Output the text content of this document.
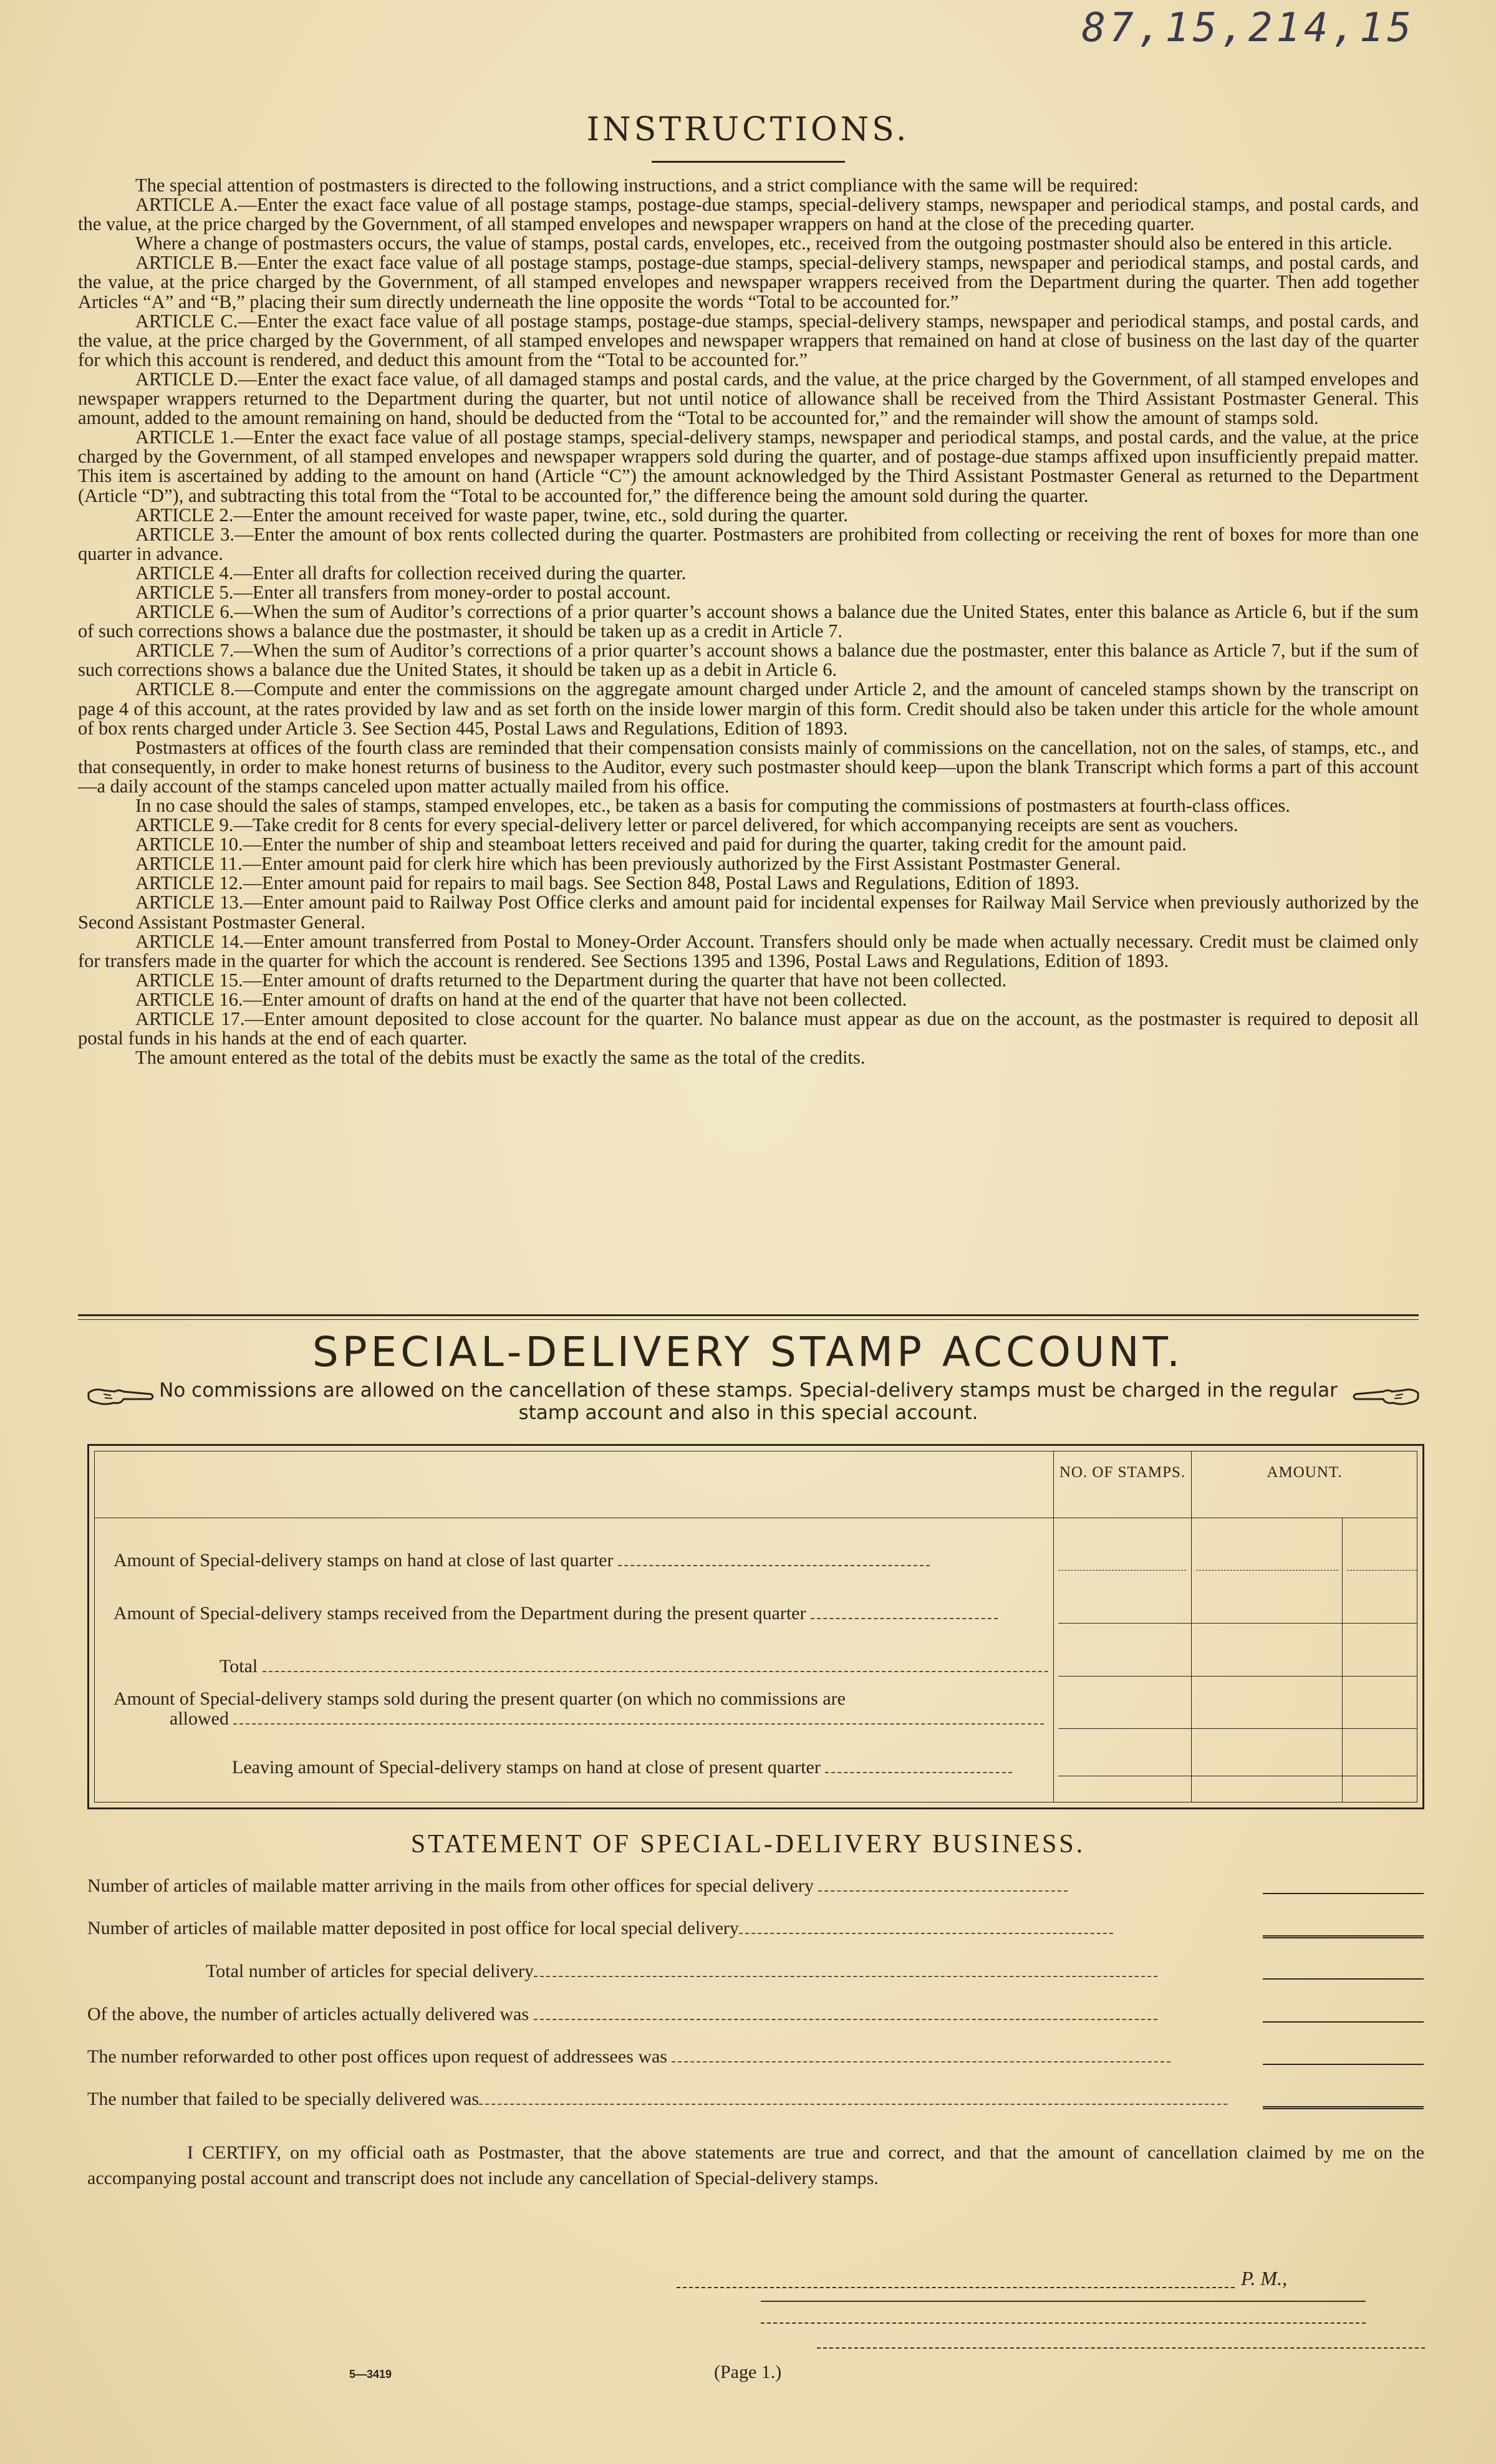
87,15,214,15
INSTRUCTIONS.

The special attention of postmasters is directed to the following instructions, and a strict compliance with the same will be required:

ARTICLE A.—Enter the exact face value of all postage stamps, postage-due stamps, special-delivery stamps, newspaper and periodical stamps, and postal cards, and the value, at the price charged by the Government, of all stamped envelopes and newspaper wrappers on hand at the close of the preceding quarter.

Where a change of postmasters occurs, the value of stamps, postal cards, envelopes, etc., received from the outgoing postmaster should also be entered in this article.

ARTICLE B.—Enter the exact face value of all postage stamps, postage-due stamps, special-delivery stamps, newspaper and periodical stamps, and postal cards, and the value, at the price charged by the Government, of all stamped envelopes and newspaper wrappers received from the Department during the quarter. Then add together Articles “A” and “B,” placing their sum directly underneath the line opposite the words “Total to be accounted for.”

ARTICLE C.—Enter the exact face value of all postage stamps, postage-due stamps, special-delivery stamps, newspaper and periodical stamps, and postal cards, and the value, at the price charged by the Government, of all stamped envelopes and newspaper wrappers that remained on hand at close of business on the last day of the quarter for which this account is rendered, and deduct this amount from the “Total to be accounted for.”

ARTICLE D.—Enter the exact face value, of all damaged stamps and postal cards, and the value, at the price charged by the Government, of all stamped envelopes and newspaper wrappers returned to the Department during the quarter, but not until notice of allowance shall be received from the Third Assistant Postmaster General. This amount, added to the amount remaining on hand, should be deducted from the “Total to be accounted for,” and the remainder will show the amount of stamps sold.

ARTICLE 1.—Enter the exact face value of all postage stamps, special-delivery stamps, newspaper and periodical stamps, and postal cards, and the value, at the price charged by the Government, of all stamped envelopes and newspaper wrappers sold during the quarter, and of postage-due stamps affixed upon insufficiently prepaid matter. This item is ascertained by adding to the amount on hand (Article “C”) the amount acknowledged by the Third Assistant Postmaster General as returned to the Department (Article “D”), and subtracting this total from the “Total to be accounted for,” the difference being the amount sold during the quarter.

ARTICLE 2.—Enter the amount received for waste paper, twine, etc., sold during the quarter.

ARTICLE 3.—Enter the amount of box rents collected during the quarter. Postmasters are prohibited from collecting or receiving the rent of boxes for more than one quarter in advance.

ARTICLE 4.—Enter all drafts for collection received during the quarter.

ARTICLE 5.—Enter all transfers from money-order to postal account.

ARTICLE 6.—When the sum of Auditor’s corrections of a prior quarter’s account shows a balance due the United States, enter this balance as Article 6, but if the sum of such corrections shows a balance due the postmaster, it should be taken up as a credit in Article 7.

ARTICLE 7.—When the sum of Auditor’s corrections of a prior quarter’s account shows a balance due the postmaster, enter this balance as Article 7, but if the sum of such corrections shows a balance due the United States, it should be taken up as a debit in Article 6.

ARTICLE 8.—Compute and enter the commissions on the aggregate amount charged under Article 2, and the amount of canceled stamps shown by the transcript on page 4 of this account, at the rates provided by law and as set forth on the inside lower margin of this form. Credit should also be taken under this article for the whole amount of box rents charged under Article 3. See Section 445, Postal Laws and Regulations, Edition of 1893.

Postmasters at offices of the fourth class are reminded that their compensation consists mainly of commissions on the cancellation, not on the sales, of stamps, etc., and that consequently, in order to make honest returns of business to the Auditor, every such postmaster should keep—upon the blank Transcript which forms a part of this account—a daily account of the stamps canceled upon matter actually mailed from his office.

In no case should the sales of stamps, stamped envelopes, etc., be taken as a basis for computing the commissions of postmasters at fourth-class offices.

ARTICLE 9.—Take credit for 8 cents for every special-delivery letter or parcel delivered, for which accompanying receipts are sent as vouchers.

ARTICLE 10.—Enter the number of ship and steamboat letters received and paid for during the quarter, taking credit for the amount paid.

ARTICLE 11.—Enter amount paid for clerk hire which has been previously authorized by the First Assistant Postmaster General.

ARTICLE 12.—Enter amount paid for repairs to mail bags. See Section 848, Postal Laws and Regulations, Edition of 1893.

ARTICLE 13.—Enter amount paid to Railway Post Office clerks and amount paid for incidental expenses for Railway Mail Service when previously authorized by the Second Assistant Postmaster General.

ARTICLE 14.—Enter amount transferred from Postal to Money-Order Account. Transfers should only be made when actually necessary. Credit must be claimed only for transfers made in the quarter for which the account is rendered. See Sections 1395 and 1396, Postal Laws and Regulations, Edition of 1893.

ARTICLE 15.—Enter amount of drafts returned to the Department during the quarter that have not been collected.

ARTICLE 16.—Enter amount of drafts on hand at the end of the quarter that have not been collected.

ARTICLE 17.—Enter amount deposited to close account for the quarter. No balance must appear as due on the account, as the postmaster is required to deposit all postal funds in his hands at the end of each quarter.

The amount entered as the total of the debits must be exactly the same as the total of the credits.

SPECIAL-DELIVERY STAMP ACCOUNT.
No commissions are allowed on the cancellation of these stamps. Special-delivery stamps must be charged in the regular stamp account and also in this special account.
NO. OF STAMPS.	AMOUNT.
Amount of Special-delivery stamps on hand at close of last quarter
Amount of Special-delivery stamps received from the Department during the present quarter
Total
Amount of Special-delivery stamps sold during the present quarter (on which no commissions are
allowed
Leaving amount of Special-delivery stamps on hand at close of present quarter
STATEMENT OF SPECIAL-DELIVERY BUSINESS.
Number of articles of mailable matter arriving in the mails from other offices for special delivery
Number of articles of mailable matter deposited in post office for local special delivery
Total number of articles for special delivery
Of the above, the number of articles actually delivered was
The number reforwarded to other post offices upon request of addressees was
The number that failed to be specially delivered was
I CERTIFY, on my official oath as Postmaster, that the above statements are true and correct, and that the amount of cancellation claimed by me on the accompanying postal account and transcript does not include any cancellation of Special-delivery stamps.
P. M.,
5—3419	(Page 1.)
